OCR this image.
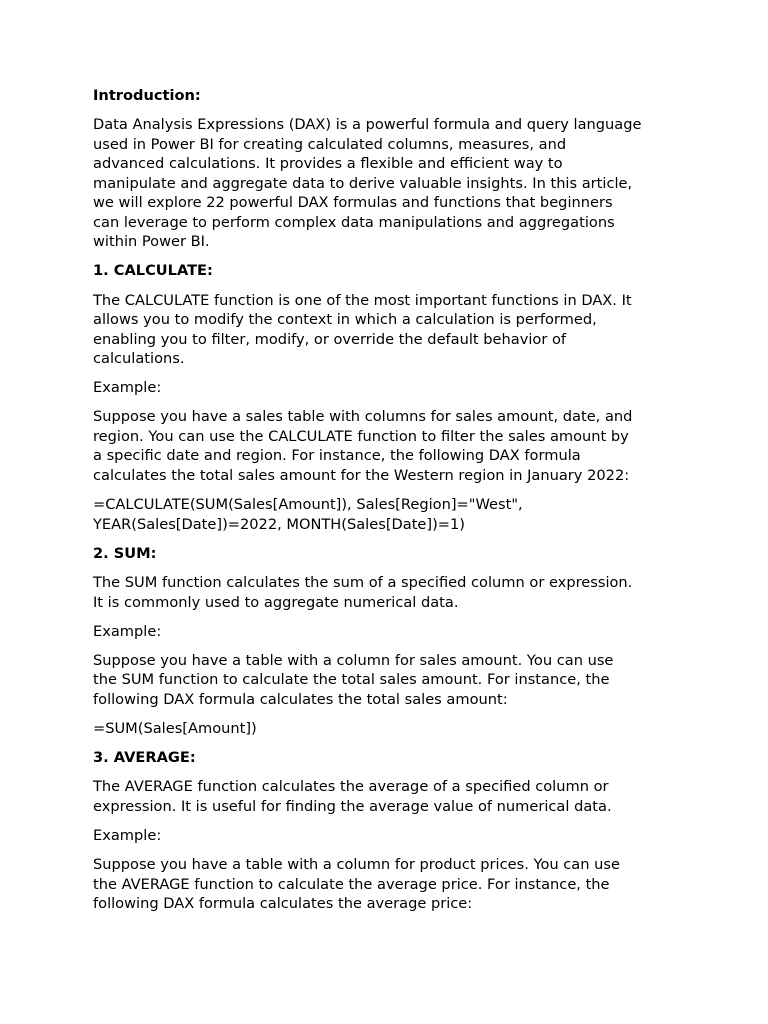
Introduction:
Data Analysis Expressions (DAX) is a powerful formula and query language
used in Power BI for creating calculated columns, measures, and
advanced calculations. It provides a flexible and efficient way to
manipulate and aggregate data to derive valuable insights. In this article,
we will explore 22 powerful DAX formulas and functions that beginners
can leverage to perform complex data manipulations and aggregations
within Power BI.
1. CALCULATE:
The CALCULATE function is one of the most important functions in DAX. It
allows you to modify the context in which a calculation is performed,
enabling you to filter, modify, or override the default behavior of
calculations.
Example:
Suppose you have a sales table with columns for sales amount, date, and
region. You can use the CALCULATE function to filter the sales amount by
a specific date and region. For instance, the following DAX formula
calculates the total sales amount for the Western region in January 2022:
=CALCULATE(SUM(Sales[Amount]), Sales[Region]="West",
YEAR(Sales[Date])=2022, MONTH(Sales[Date])=1)
2. SUM:
The SUM function calculates the sum of a specified column or expression.
It is commonly used to aggregate numerical data.
Example:
Suppose you have a table with a column for sales amount. You can use
the SUM function to calculate the total sales amount. For instance, the
following DAX formula calculates the total sales amount:
=SUM(Sales[Amount])
3. AVERAGE:
The AVERAGE function calculates the average of a specified column or
expression. It is useful for finding the average value of numerical data.
Example:
Suppose you have a table with a column for product prices. You can use
the AVERAGE function to calculate the average price. For instance, the
following DAX formula calculates the average price:
